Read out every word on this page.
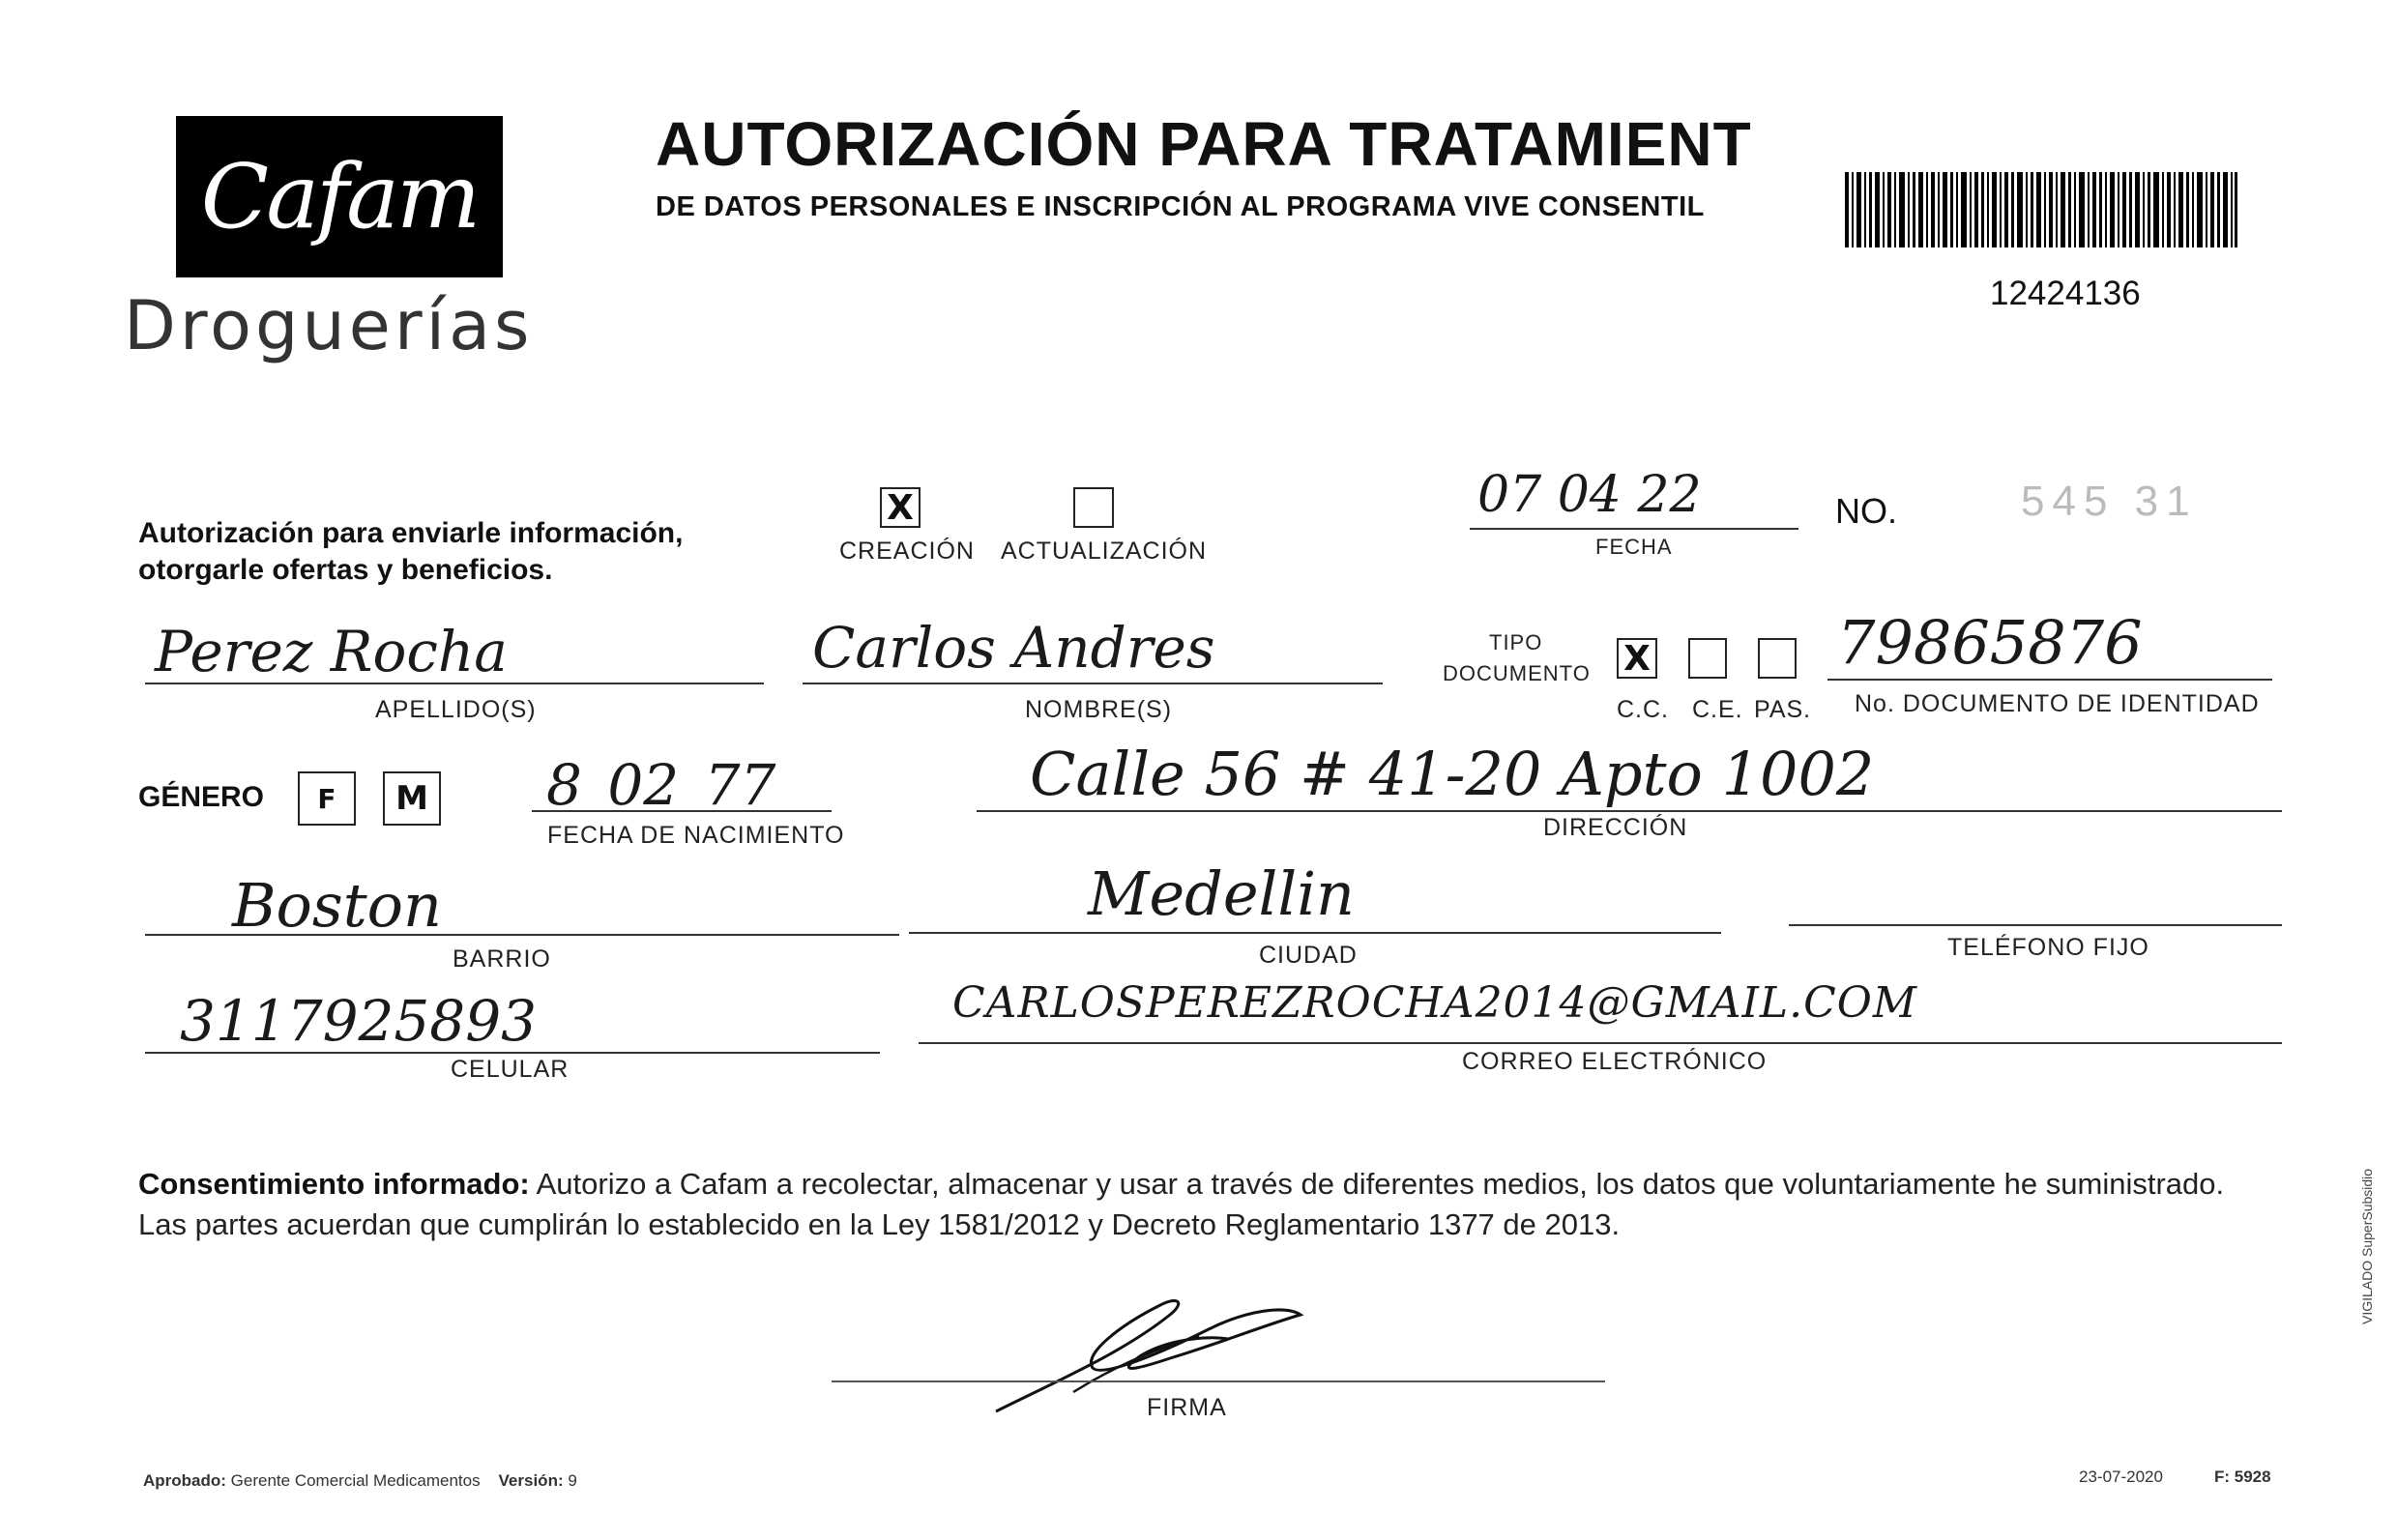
Cafam
Droguerías
AUTORIZACIÓN PARA TRATAMIENT
DE DATOS PERSONALES E INSCRIPCIÓN AL PROGRAMA VIVE CONSENTIL
12424136
Autorización para enviarle información,
otorgarle ofertas y beneficios.
X
CREACIÓN ACTUALIZACIÓN
07 04 22
FECHA
NO.	545 31
Perez Rocha
APELLIDO(S)
Carlos Andres
NOMBRE(S)
TIPO
DOCUMENTO X
C.C. C.E. PAS.
79865876
No. DOCUMENTO DE IDENTIDAD
GÉNERO	F	M 8 02 77
FECHA DE NACIMIENTO
Calle 56 # 41-20 Apto 1002
DIRECCIÓN
Boston
BARRIO
Medellin
CIUDAD	TELÉFONO FIJO
3117925893
CELULAR
CARLOSPEREZROCHA2014@GMAIL.COM
CORREO ELECTRÓNICO
Consentimiento informado: Autorizo a Cafam a recolectar, almacenar y usar a través de diferentes medios, los datos que voluntariamente he suministrado. Las partes acuerdan que cumplirán lo establecido en la Ley 1581/2012 y Decreto Reglamentario 1377 de 2013.
FIRMA
Aprobado: Gerente Comercial Medicamentos Versión: 9	23-07-2020	F: 5928
VIGILADO SuperSubsidio
